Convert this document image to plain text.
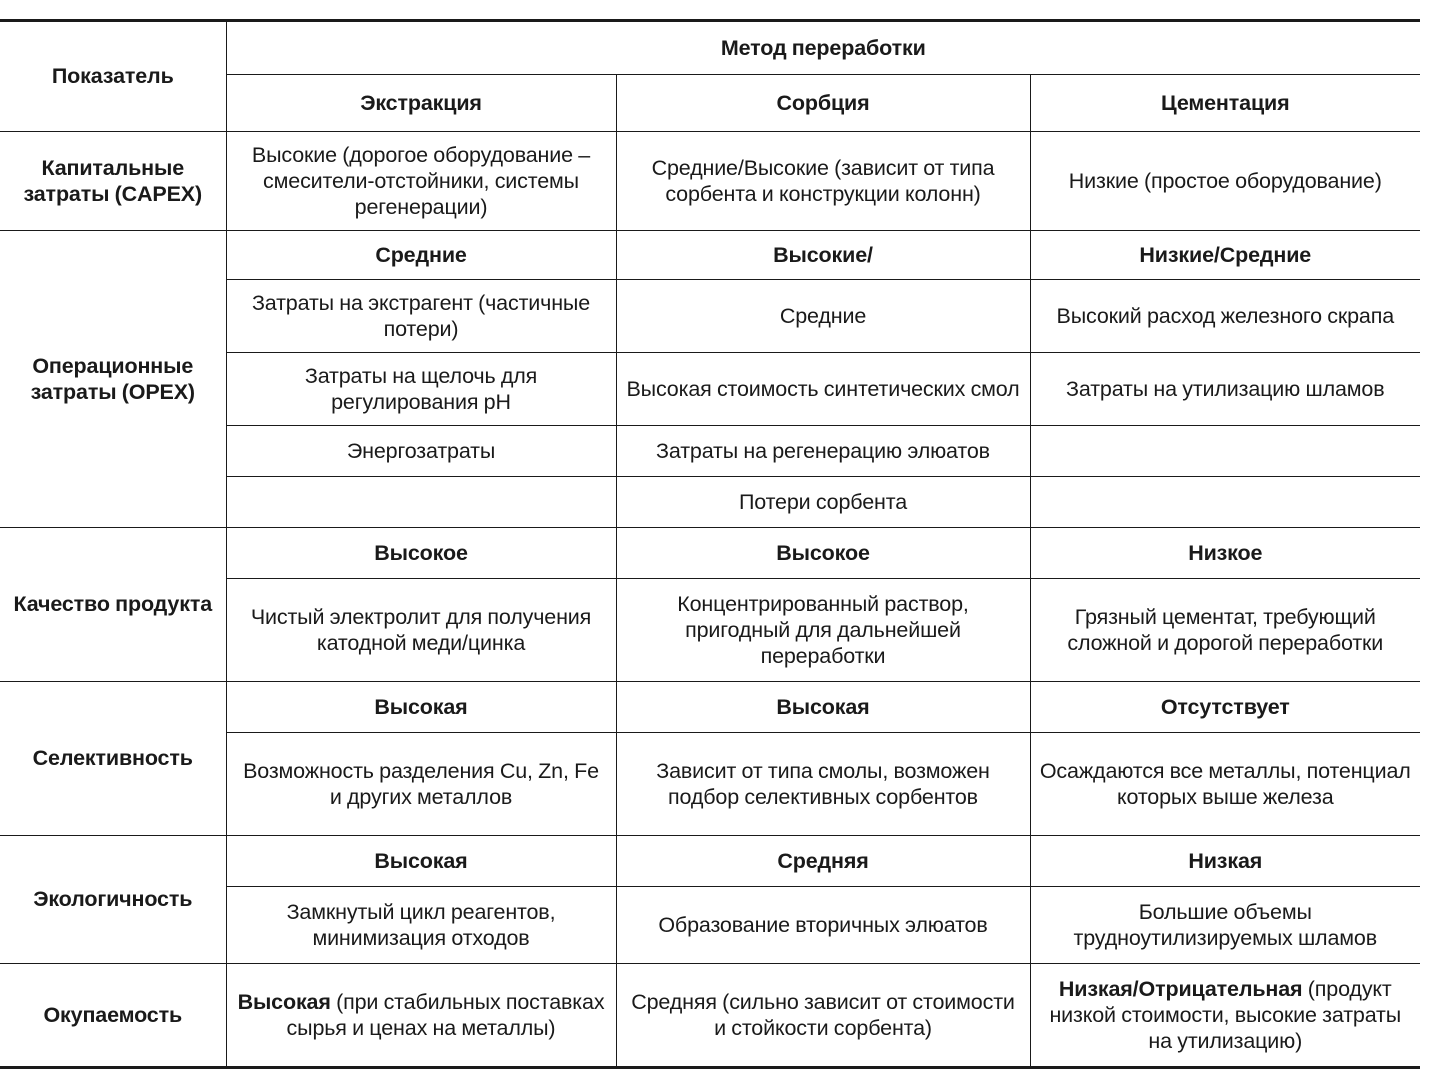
Показатель	Метод переработки		
	Экстракция	Сорбция	Цементация
Капитальные затраты (CAPEX)	Высокие (дорогое оборудование – смесители-отстойники, системы регенерации)	Средние/Высокие (зависит от типа сорбента и конструкции колонн)	Низкие (простое оборудование)
Операционные затраты (OPEX)	Средние	Высокие/	Низкие/Средние
	Затраты на экстрагент (частичные потери)	Средние	Высокий расход железного скрапа
	Затраты на щелочь для регулирования pH	Высокая стоимость синтетических смол	Затраты на утилизацию шламов
	Энергозатраты	Затраты на регенерацию элюатов	
		Потери сорбента	
Качество продукта	Высокое	Высокое	Низкое
	Чистый электролит для получения катодной меди/цинка	Концентрированный раствор, пригодный для дальнейшей переработки	Грязный цементат, требующий сложной и дорогой переработки
Селективность	Высокая	Высокая	Отсутствует
	Возможность разделения Cu, Zn, Fe и других металлов	Зависит от типа смолы, возможен подбор селективных сорбентов	Осаждаются все металлы, потенциал которых выше железа
Экологичность	Высокая	Средняя	Низкая
	Замкнутый цикл реагентов, минимизация отходов	Образование вторичных элюатов	Большие объемы трудноутилизируемых шламов
Окупаемость	Высокая (при стабильных поставках сырья и ценах на металлы)	Средняя (сильно зависит от стоимости и стойкости сорбента)	Низкая/Отрицательная (продукт низкой стоимости, высокие затраты на утилизацию)
